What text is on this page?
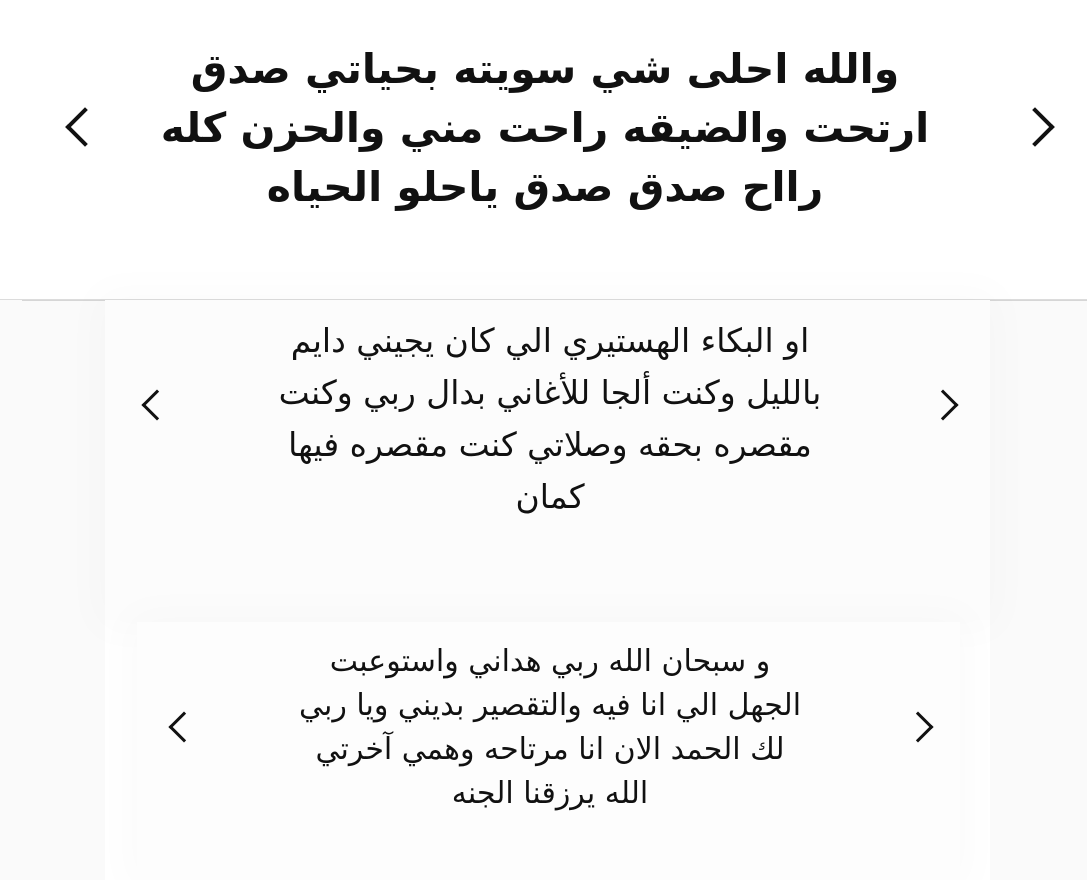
والله احلى شي سويته بحياتي صدق
ارتحت والضيقه راحت مني والحزن كله
رااح صدق صدق ياحلو الحياه
او البكاء الهستيري الي كان يجيني دايم
بالليل وكنت ألجا للأغاني بدال ربي وكنت
مقصره بحقه وصلاتي كنت مقصره فيها
كمان
و سبحان الله ربي هداني واستوعبت
الجهل الي انا فيه والتقصير بديني ويا ربي
لك الحمد الان انا مرتاحه وهمي آخرتي
الله يرزقنا الجنه
